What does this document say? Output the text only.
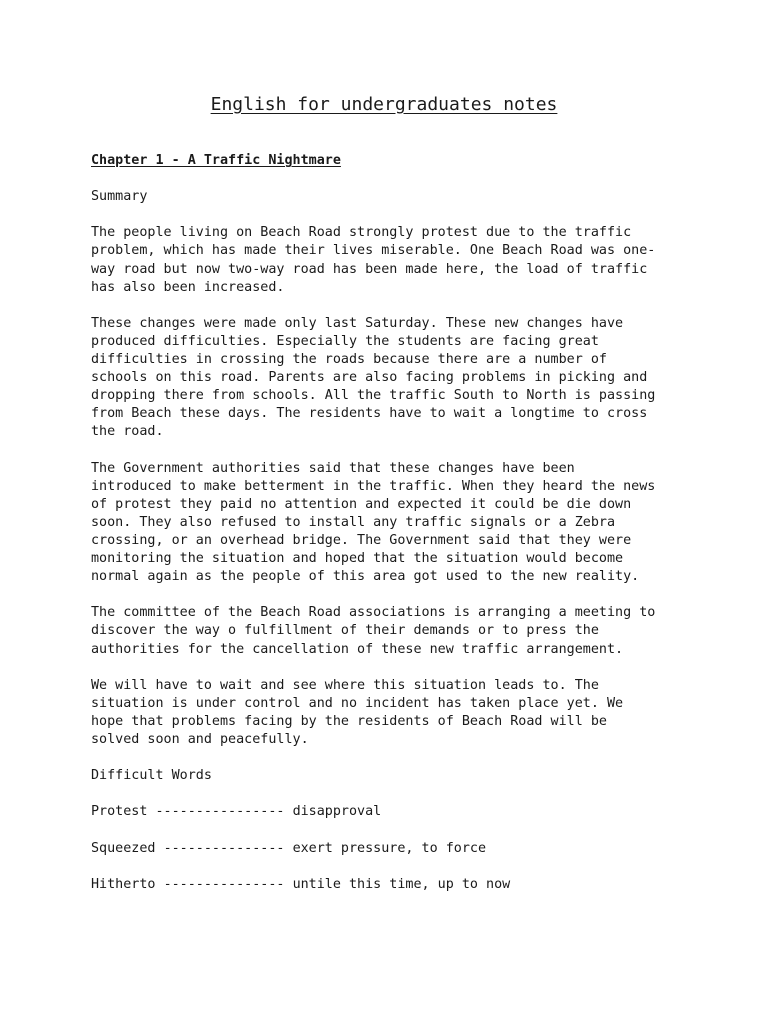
English for undergraduates notes

Chapter 1 - A Traffic Nightmare

Summary

The people living on Beach Road strongly protest due to the traffic
problem, which has made their lives miserable. One Beach Road was one-
way road but now two-way road has been made here, the load of traffic
has also been increased.

These changes were made only last Saturday. These new changes have
produced difficulties. Especially the students are facing great
difficulties in crossing the roads because there are a number of
schools on this road. Parents are also facing problems in picking and
dropping there from schools. All the traffic South to North is passing
from Beach these days. The residents have to wait a longtime to cross
the road.

The Government authorities said that these changes have been
introduced to make betterment in the traffic. When they heard the news
of protest they paid no attention and expected it could be die down
soon. They also refused to install any traffic signals or a Zebra
crossing, or an overhead bridge. The Government said that they were
monitoring the situation and hoped that the situation would become
normal again as the people of this area got used to the new reality.

The committee of the Beach Road associations is arranging a meeting to
discover the way o fulfillment of their demands or to press the
authorities for the cancellation of these new traffic arrangement.

We will have to wait and see where this situation leads to. The
situation is under control and no incident has taken place yet. We
hope that problems facing by the residents of Beach Road will be
solved soon and peacefully.

Difficult Words

Protest ---------------- disapproval

Squeezed --------------- exert pressure, to force

Hitherto --------------- untile this time, up to now
